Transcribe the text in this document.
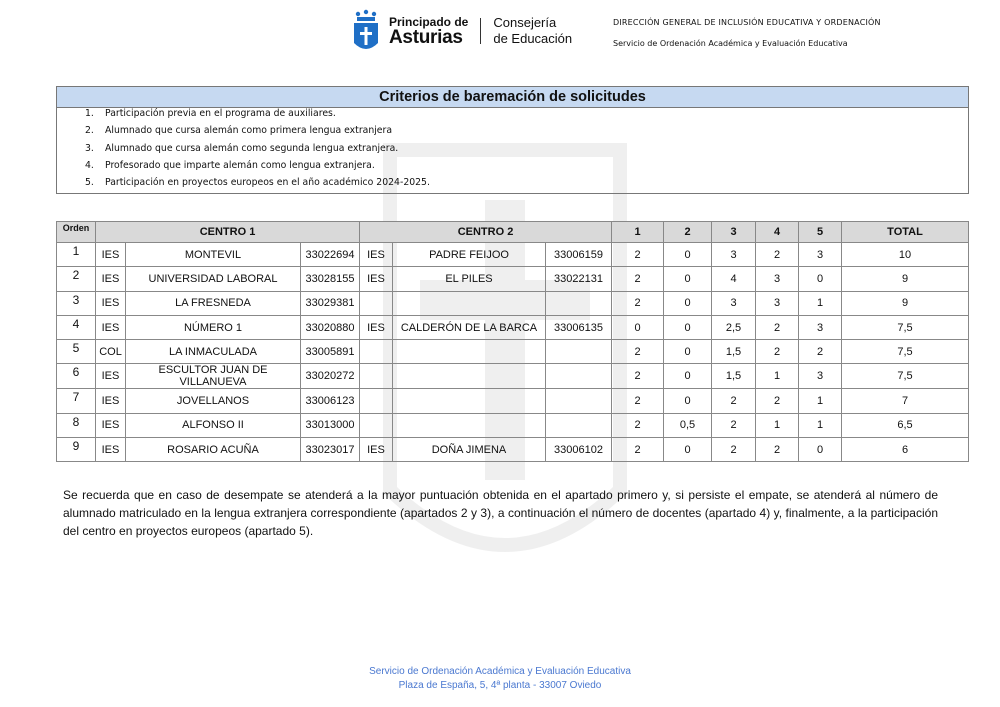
Principado de
Asturias
Consejería
de Educación
DIRECCIÓN GENERAL DE INCLUSIÓN EDUCATIVA Y ORDENACIÓN
Servicio de Ordenación Académica y Evaluación Educativa
Criterios de baremación de solicitudes
1. Participación previa en el programa de auxiliares.
2. Alumnado que cursa alemán como primera lengua extranjera
3. Alumnado que cursa alemán como segunda lengua extranjera.
4. Profesorado que imparte alemán como lengua extranjera.
5. Participación en proyectos europeos en el año académico 2024-2025.
Orden	CENTRO 1			CENTRO 2			1	2	3	4	5	TOTAL
1	IES	MONTEVIL	33022694	IES	PADRE FEIJOO	33006159	2	0	3	2	3	10
2	IES	UNIVERSIDAD LABORAL	33028155	IES	EL PILES	33022131	2	0	4	3	0	9
3	IES	LA FRESNEDA	33029381				2	0	3	3	1	9
4	IES	NÚMERO 1	33020880	IES	CALDERÓN DE LA BARCA	33006135	0	0	2,5	2	3	7,5
5	COL	LA INMACULADA	33005891				2	0	1,5	2	2	7,5
6	IES	ESCULTOR JUAN DE VILLANUEVA	33020272				2	0	1,5	1	3	7,5
7	IES	JOVELLANOS	33006123				2	0	2	2	1	7
8	IES	ALFONSO II	33013000				2	0,5	2	1	1	6,5
9	IES	ROSARIO ACUÑA	33023017	IES	DOÑA JIMENA	33006102	2	0	2	2	0	6
Se recuerda que en caso de desempate se atenderá a la mayor puntuación obtenida en el apartado primero y, si persiste el empate, se atenderá al número de alumnado matriculado en la lengua extranjera correspondiente (apartados 2 y 3), a continuación el número de docentes (apartado 4) y, finalmente, a la participación del centro en proyectos europeos (apartado 5).
Servicio de Ordenación Académica y Evaluación Educativa
Plaza de España, 5, 4ª planta - 33007 Oviedo
